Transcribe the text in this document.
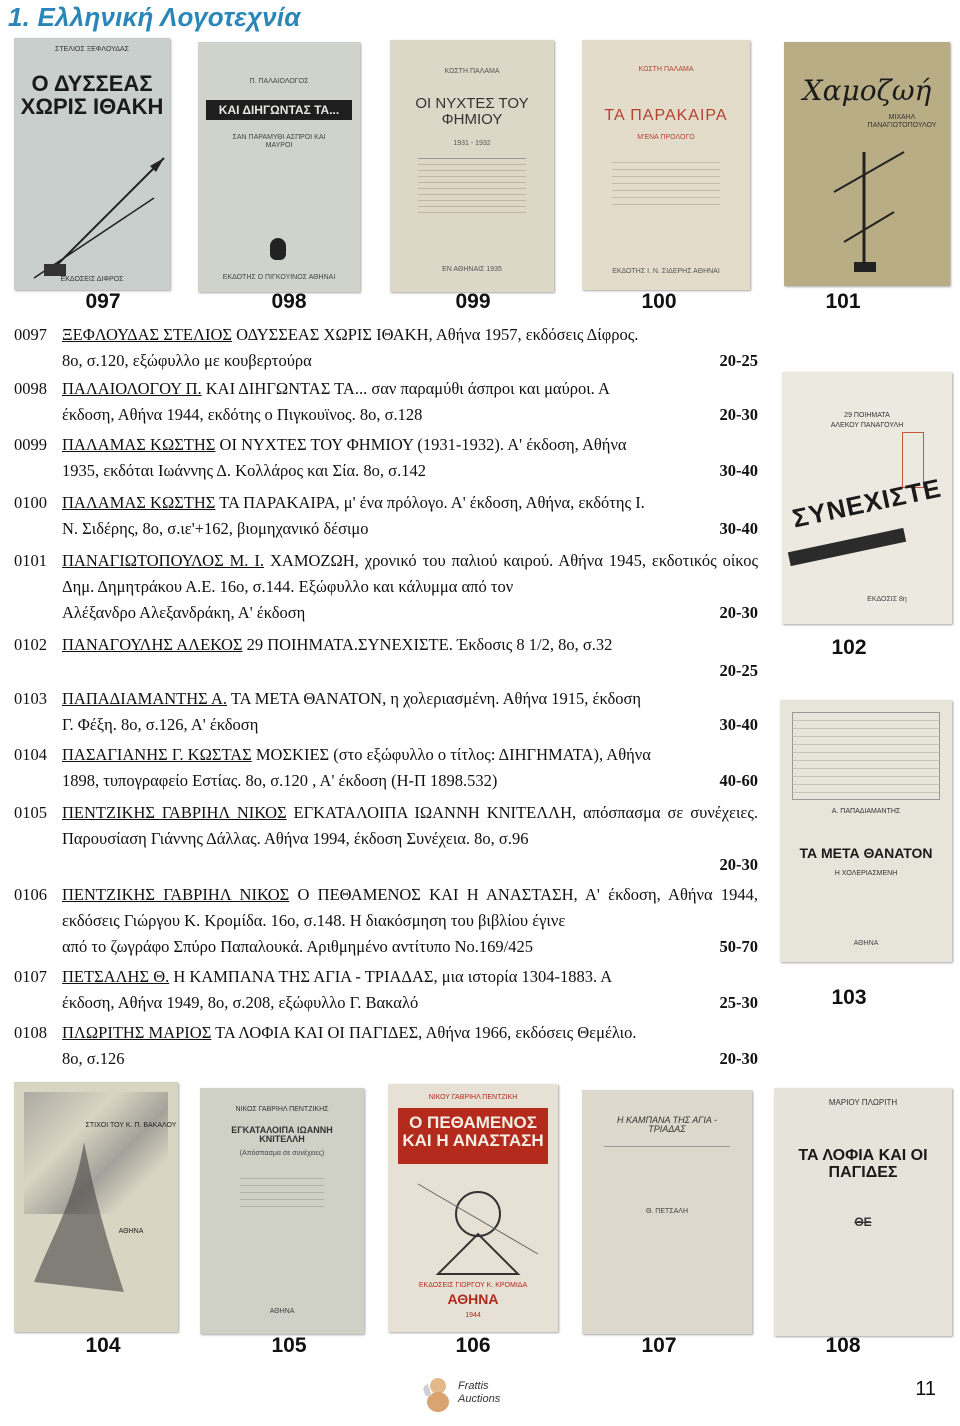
1. Ελληνική Λογοτεχνία
ΣΤΕΛΙΟΣ ΞΕΦΛΟΥΔΑΣ
Ο ΔΥΣΣΕΑΣ ΧΩΡΙΣ ΙΘΑΚΗ
ΕΚΔΟΣΕΙΣ ΔΙΦΡΟΣ
Π. ΠΑΛΑΙΟΛΟΓΟΣ
ΚΑΙ ΔΙΗΓΩΝΤΑΣ ΤΑ...
ΣΑΝ ΠΑΡΑΜΥΘΙ ΑΣΠΡΟΙ ΚΑΙ ΜΑΥΡΟΙ
ΕΚΔΟΤΗΣ Ο ΠΙΓΚΟΥΙΝΟΣ ΑΘΗΝΑΙ
ΚΩΣΤΗ ΠΑΛΑΜΑ
ΟΙ ΝΥΧΤΕΣ ΤΟΥ ΦΗΜΙΟΥ
1931 - 1932
ΕΝ ΑΘΗΝΑΙΣ 1935
ΚΩΣΤΗ ΠΑΛΑΜΑ
ΤΑ ΠΑΡΑΚΑΙΡΑ
Μ'ΕΝΑ ΠΡΟΛΟΓΟ
ΕΚΔΟΤΗΣ Ι. Ν. ΣΙΔΕΡΗΣ ΑΘΗΝΑΙ
Χαμοζωή
ΜΙΧΑΗΛ ΠΑΝΑΓΙΩΤΟΠΟΥΛΟΥ
097	098	099	100	101
29 ΠΟΙΗΜΑΤΑ
ΑΛΕΚΟΥ ΠΑΝΑΓΟΥΛΗ
ΣΥΝΕΧΙΣΤΕ
ΕΚΔΟΣΙΣ 8η
102
Α. ΠΑΠΑΔΙΑΜΑΝΤΗΣ
ΤΑ ΜΕΤΑ ΘΑΝΑΤΟΝ
Η ΧΟΛΕΡΙΑΣΜΕΝΗ
ΑΘΗΝΑ
103
0097 ΞΕΦΛΟΥΔΑΣ ΣΤΕΛΙΟΣ ΟΔΥΣΣΕΑΣ ΧΩΡΙΣ ΙΘΑΚΗ, Αθήνα 1957, εκδόσεις Δίφρος.
8ο, σ.120, εξώφυλλο με κουβερτούρα	20-25
0098 ΠΑΛΑΙΟΛΟΓΟΥ Π. ΚΑΙ ΔΙΗΓΩΝΤΑΣ ΤΑ... σαν παραμύθι άσπροι και μαύροι. Α
έκδοση, Αθήνα 1944, εκδότης ο Πιγκουϊνος. 8ο, σ.128	20-30
0099 ΠΑΛΑΜΑΣ ΚΩΣΤΗΣ ΟΙ ΝΥΧΤΕΣ ΤΟΥ ΦΗΜΙΟΥ (1931-1932). Α' έκδοση, Αθήνα
1935, εκδόται Ιωάννης Δ. Κολλάρος και Σία. 8ο, σ.142	30-40
0100 ΠΑΛΑΜΑΣ ΚΩΣΤΗΣ ΤΑ ΠΑΡΑΚΑΙΡΑ, μ' ένα πρόλογο. Α' έκδοση, Αθήνα, εκδότης Ι.
Ν. Σιδέρης, 8ο, σ.ιε'+162, βιομηχανικό δέσιμο	30-40
0101 ΠΑΝΑΓΙΩΤΟΠΟΥΛΟΣ Μ. Ι. ΧΑΜΟΖΩΗ, χρονικό του παλιού καιρού. Αθήνα 1945, εκδοτικός οίκος Δημ. Δημητράκου Α.Ε. 16ο, σ.144. Εξώφυλλο και κάλυμμα από τον
Αλέξανδρο Αλεξανδράκη, Α' έκδοση	20-30
0102 ΠΑΝΑΓΟΥΛΗΣ ΑΛΕΚΟΣ 29 ΠΟΙΗΜΑΤΑ.ΣΥΝΕΧΙΣΤΕ. Έκδοσις 8 1/2, 8ο, σ.32
20-25
0103 ΠΑΠΑΔΙΑΜΑΝΤΗΣ Α. ΤΑ ΜΕΤΑ ΘΑΝΑΤΟΝ, η χολεριασμένη. Αθήνα 1915, έκδοση
Γ. Φέξη. 8ο, σ.126, Α' έκδοση	30-40
0104 ΠΑΣΑΓΙΑΝΗΣ Γ. ΚΩΣΤΑΣ ΜΟΣΚΙΕΣ (στο εξώφυλλο ο τίτλος: ΔΙΗΓΗΜΑΤΑ), Αθήνα
1898, τυπογραφείο Εστίας. 8ο, σ.120 , Α' έκδοση (Η-Π 1898.532)	40-60
0105 ΠΕΝΤΖΙΚΗΣ ΓΑΒΡΙΗΛ ΝΙΚΟΣ ΕΓΚΑΤΑΛΟΙΠΑ ΙΩΑΝΝΗ ΚΝΙΤΕΛΛΗ, απόσπασμα σε συνέχειες. Παρουσίαση Γιάννης Δάλλας. Αθήνα 1994, έκδοση Συνέχεια. 8ο, σ.96
20-30
0106 ΠΕΝΤΖΙΚΗΣ ΓΑΒΡΙΗΛ ΝΙΚΟΣ Ο ΠΕΘΑΜΕΝΟΣ ΚΑΙ Η ΑΝΑΣΤΑΣΗ, Α' έκδοση, Αθήνα 1944, εκδόσεις Γιώργου Κ. Κρομίδα. 16ο, σ.148. Η διακόσμηση του βιβλίου έγινε
από το ζωγράφο Σπύρο Παπαλουκά. Αριθμημένο αντίτυπο Νο.169/425	50-70
0107 ΠΕΤΣΑΛΗΣ Θ. Η ΚΑΜΠΑΝΑ ΤΗΣ ΑΓΙΑ - ΤΡΙΑΔΑΣ, μια ιστορία 1304-1883. Α
έκδοση, Αθήνα 1949, 8ο, σ.208, εξώφυλλο Γ. Βακαλό	25-30
0108 ΠΛΩΡΙΤΗΣ ΜΑΡΙΟΣ ΤΑ ΛΟΦΙΑ ΚΑΙ ΟΙ ΠΑΓΙΔΕΣ, Αθήνα 1966, εκδόσεις Θεμέλιο.
8ο, σ.126	20-30
ΣΤΙΧΟΙ ΤΟΥ Κ. Π. ΒΑΚΑΛΟΥ
ΑΘΗΝΑ
ΝΙΚΟΣ ΓΑΒΡΙΗΛ ΠΕΝΤΖΙΚΗΣ
ΕΓΚΑΤΑΛΟΙΠΑ ΙΩΑΝΝΗ ΚΝΙΤΕΛΛΗ
(Απόσπασμα σε συνέχειες)
ΑΘΗΝΑ
ΝΙΚΟΥ ΓΑΒΡΙΗΛ ΠΕΝΤΖΙΚΗ
Ο ΠΕΘΑΜΕΝΟΣ ΚΑΙ Η ΑΝΑΣΤΑΣΗ
ΕΚΔΟΣΕΙΣ ΓΙΩΡΓΟΥ Κ. ΚΡΟΜΙΔΑ
ΑΘΗΝΑ
1944
Η ΚΑΜΠΑΝΑ ΤΗΣ ΑΓΙΑ - ΤΡΙΑΔΑΣ
Θ. ΠΕΤΣΑΛΗ
ΜΑΡΙΟΥ ΠΛΩΡΙΤΗ
ΤΑ ΛΟΦΙΑ ΚΑΙ ΟΙ ΠΑΓΙΔΕΣ
ΘΕ
104	105	106	107	108
Frattis
Auctions	11
